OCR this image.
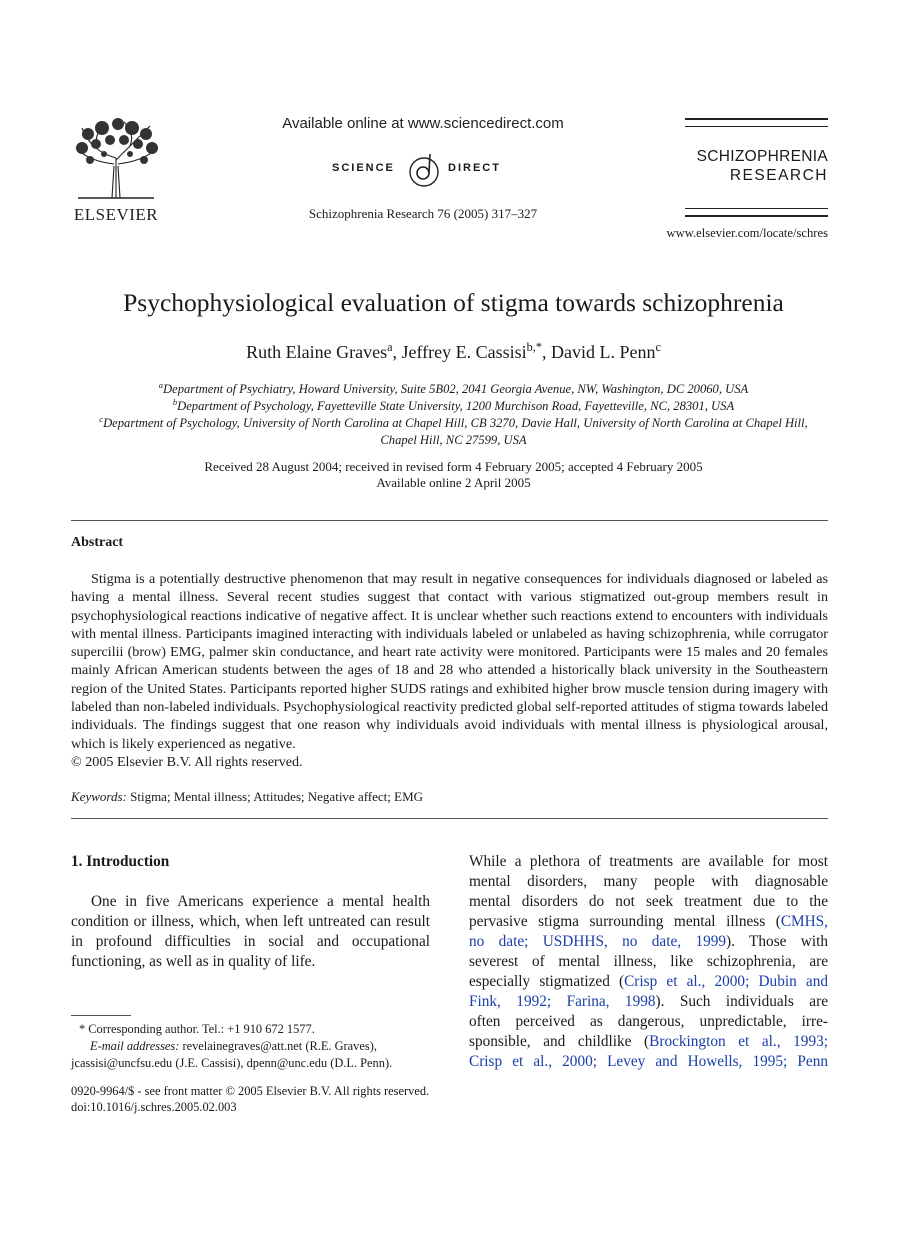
ELSEVIER
Available online at www.sciencedirect.com
SCIENCE	DIRECT
Schizophrenia Research 76 (2005) 317–327
SCHIZOPHRENIA
RESEARCH
www.elsevier.com/locate/schres
Psychophysiological evaluation of stigma towards schizophrenia
Ruth Elaine Graves$^a$, Jeffrey E. Cassisi$^{b,*}$, David L. Penn$^c$
$^a$Department of Psychiatry, Howard University, Suite 5B02, 2041 Georgia Avenue, NW, Washington, DC 20060, USA
$^b$Department of Psychology, Fayetteville State University, 1200 Murchison Road, Fayetteville, NC, 28301, USA
$^c$Department of Psychology, University of North Carolina at Chapel Hill, CB 3270, Davie Hall, University of North Carolina at Chapel Hill,
Chapel Hill, NC 27599, USA
Received 28 August 2004; received in revised form 4 February 2005; accepted 4 February 2005
Available online 2 April 2005
Abstract

Stigma is a potentially destructive phenomenon that may result in negative consequences for individuals diagnosed or labeled as having a mental illness. Several recent studies suggest that contact with various stigmatized out-group members result in psychophysiological reactions indicative of negative affect. It is unclear whether such reactions extend to encounters with individuals with mental illness. Participants imagined interacting with individuals labeled or unlabeled as having schizophrenia, while corrugator supercilii (brow) EMG, palmer skin conductance, and heart rate activity were monitored. Participants were 15 males and 20 females mainly African American students between the ages of 18 and 28 who attended a historically black university in the Southeastern region of the United States. Participants reported higher SUDS ratings and exhibited higher brow muscle tension during imagery with labeled than non-labeled individuals. Psychophysiological reactivity predicted global self-reported attitudes of stigma towards labeled individuals. The findings suggest that one reason why individuals avoid individuals with mental illness is physiological arousal, which is likely experienced as negative.

© 2005 Elsevier B.V. All rights reserved.
Keywords: Stigma; Mental illness; Attitudes; Negative affect; EMG
1. Introduction
One in five Americans experience a mental health condition or illness, which, when left untreated can result in profound difficulties in social and occupational functioning, as well as in quality of life.
* Corresponding author. Tel.: +1 910 672 1577.
E-mail addresses: revelainegraves@att.net (R.E. Graves),
jcassisi@uncfsu.edu (J.E. Cassisi), dpenn@unc.edu (D.L. Penn).
0920-9964/$ - see front matter © 2005 Elsevier B.V. All rights reserved.
doi:10.1016/j.schres.2005.02.003
While a plethora of treatments are available for most
mental disorders, many people with diagnosable
mental disorders do not seek treatment due to the
pervasive stigma surrounding mental illness (CMHS,
no date; USDHHS, no date, 1999). Those with
severest of mental illness, like schizophrenia, are
especially stigmatized (Crisp et al., 2000; Dubin and
Fink, 1992; Farina, 1998). Such individuals are
often perceived as dangerous, unpredictable, irre-
sponsible, and childlike (Brockington et al., 1993;
Crisp et al., 2000; Levey and Howells, 1995; Penn
